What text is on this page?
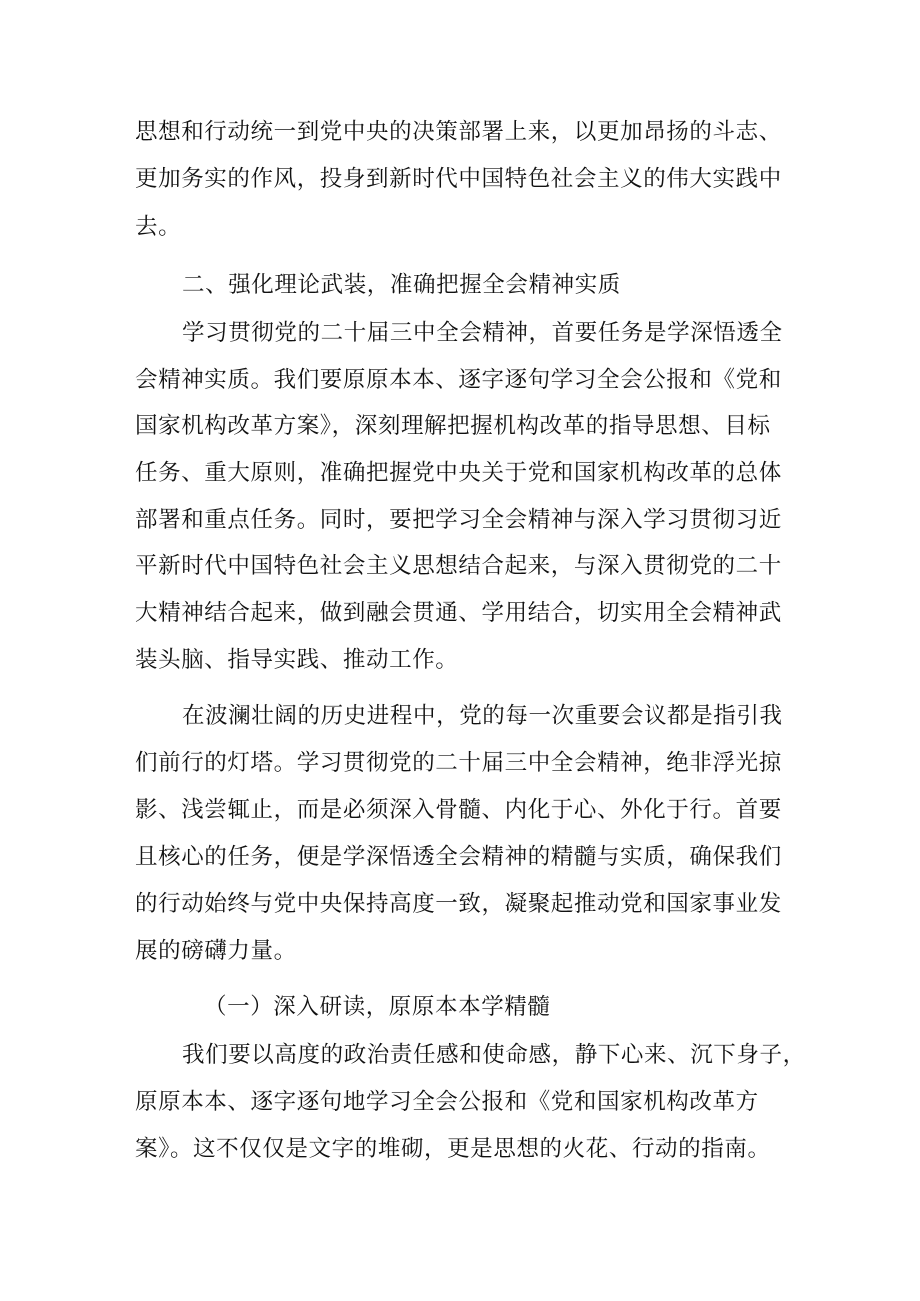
思想和行动统一到党中央的决策部署上来，以更加昂扬的斗志、
更加务实的作风，投身到新时代中国特色社会主义的伟大实践中
去。
二、强化理论武装，准确把握全会精神实质
学习贯彻党的二十届三中全会精神，首要任务是学深悟透全
会精神实质。我们要原原本本、逐字逐句学习全会公报和《党和
国家机构改革方案》，深刻理解把握机构改革的指导思想、目标
任务、重大原则，准确把握党中央关于党和国家机构改革的总体
部署和重点任务。同时，要把学习全会精神与深入学习贯彻习近
平新时代中国特色社会主义思想结合起来，与深入贯彻党的二十
大精神结合起来，做到融会贯通、学用结合，切实用全会精神武
装头脑、指导实践、推动工作。
在波澜壮阔的历史进程中，党的每一次重要会议都是指引我
们前行的灯塔。学习贯彻党的二十届三中全会精神，绝非浮光掠
影、浅尝辄止，而是必须深入骨髓、内化于心、外化于行。首要
且核心的任务，便是学深悟透全会精神的精髓与实质，确保我们
的行动始终与党中央保持高度一致，凝聚起推动党和国家事业发
展的磅礴力量。
（一）深入研读，原原本本学精髓
我们要以高度的政治责任感和使命感，静下心来、沉下身子，
原原本本、逐字逐句地学习全会公报和《党和国家机构改革方
案》。这不仅仅是文字的堆砌，更是思想的火花、行动的指南。
